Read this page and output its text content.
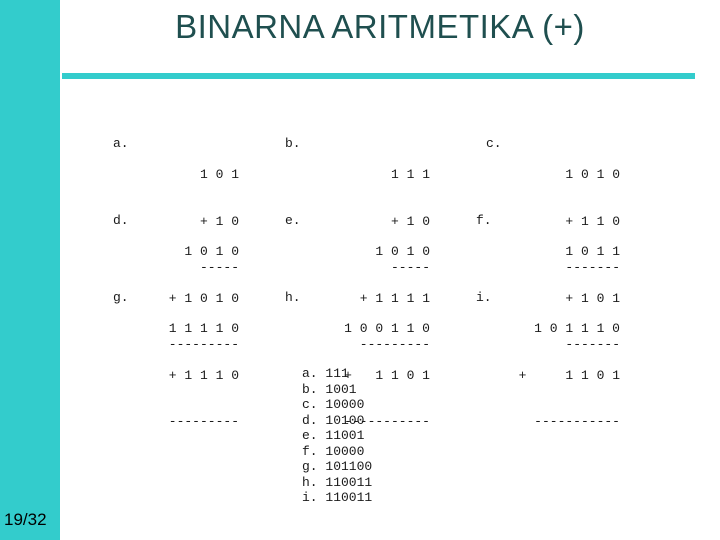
19/32
BINARNA ARITMETIKA (+)
a.

1 0 1

+ 1 0

-----

b.

1 1 1

+ 1 0

-----

c.

1 0 1 0

+ 1 1 0

-------

d.

1 0 1 0

+ 1 0 1 0

---------

e.

1 0 1 0

+ 1 1 1 1

---------

f.

1 0 1 1

+ 1 0 1

-------

g.

1 1 1 1 0

+ 1 1 1 0

---------

h.

1 0 0 1 1 0

+   1 1 0 1

-----------

i.

1 0 1 1 1 0

+     1 1 0 1

-----------

a. 111
b. 1001
c. 10000
d. 10100
e. 11001
f. 10000
g. 101100
h. 110011
i. 110011
